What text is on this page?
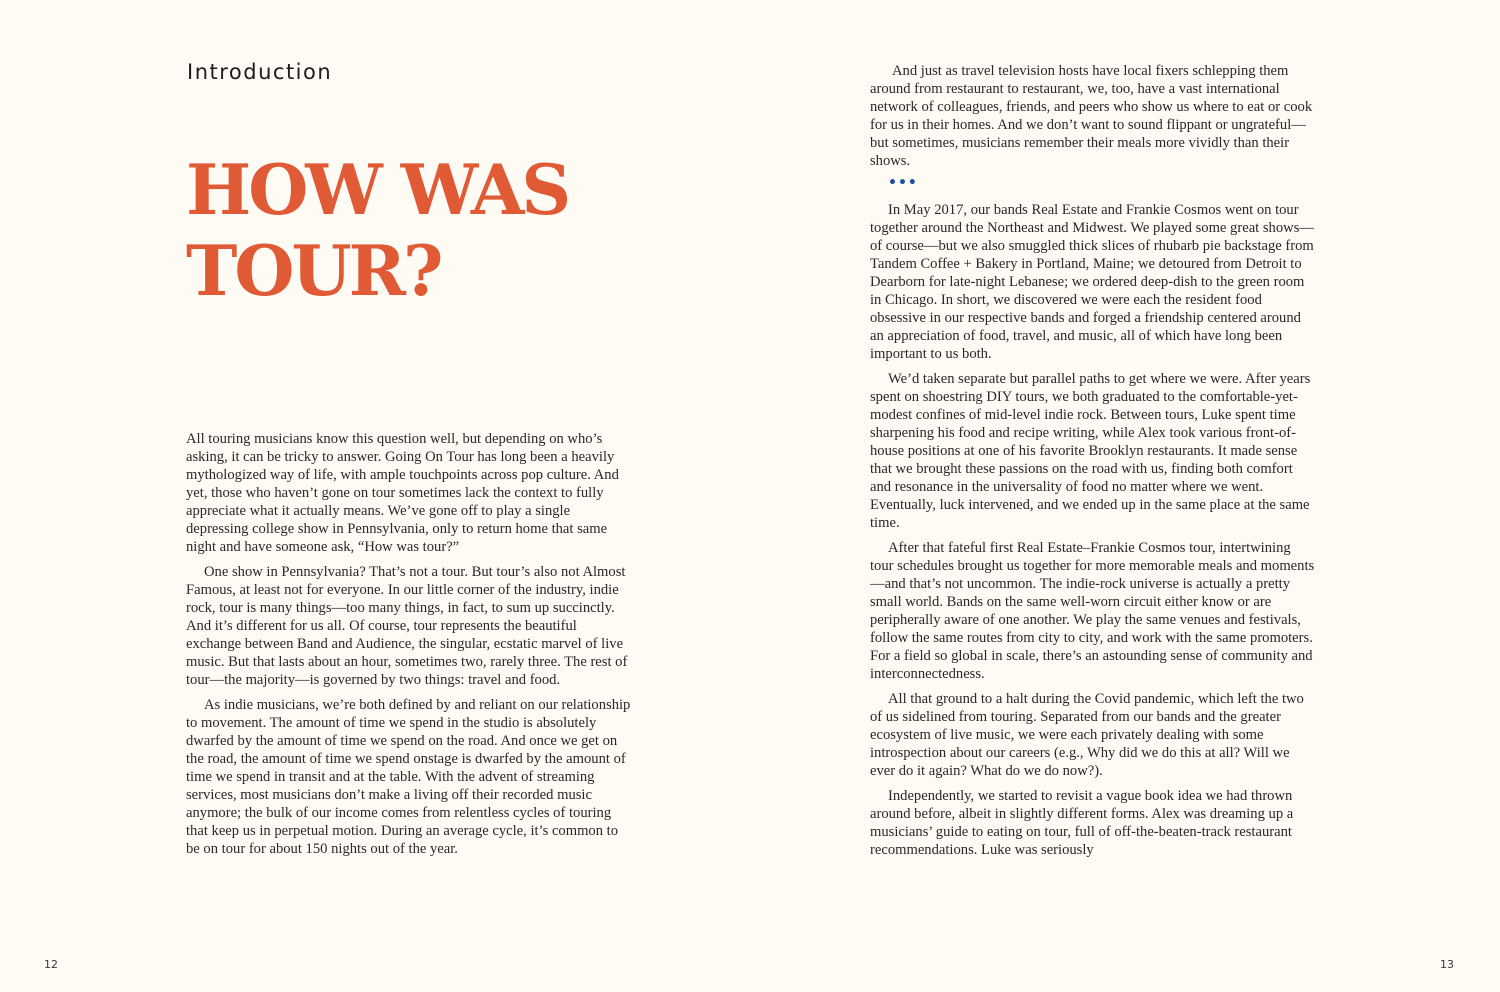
Introduction
HOW WAS
TOUR?

All touring musicians know this question well, but depending on who’s asking, it can be tricky to answer. Going On Tour has long been a heavily mythologized way of life, with ample touchpoints across pop culture. And yet, those who haven’t gone on tour sometimes lack the context to fully appreciate what it actually means. We’ve gone off to play a single depressing college show in Pennsylvania, only to return home that same night and have someone ask, “How was tour?”

One show in Pennsylvania? That’s not a tour. But tour’s also not Almost Famous, at least not for everyone. In our little corner of the industry, indie rock, tour is many things—too many things, in fact, to sum up succinctly. And it’s different for us all. Of course, tour represents the beautiful exchange between Band and Audience, the singular, ecstatic marvel of live music. But that lasts about an hour, sometimes two, rarely three. The rest of tour—the majority—is governed by two things: travel and food.

As indie musicians, we’re both defined by and reliant on our relationship to movement. The amount of time we spend in the studio is absolutely dwarfed by the amount of time we spend on the road. And once we get on the road, the amount of time we spend onstage is dwarfed by the amount of time we spend in transit and at the table. With the advent of streaming services, most musicians don’t make a living off their recorded music anymore; the bulk of our income comes from relentless cycles of touring that keep us in perpetual motion. During an average cycle, it’s common to be on tour for about 150 nights out of the year.

12

And just as travel television hosts have local fixers schlepping them around from restaurant to restaurant, we, too, have a vast international network of colleagues, friends, and peers who show us where to eat or cook for us in their homes. And we don’t want to sound flippant or ungrateful—but sometimes, musicians remember their meals more vividly than their shows.

•••

In May 2017, our bands Real Estate and Frankie Cosmos went on tour together around the Northeast and Midwest. We played some great shows—of course—but we also smuggled thick slices of rhubarb pie backstage from Tandem Coffee + Bakery in Portland, Maine; we detoured from Detroit to Dearborn for late-night Lebanese; we ordered deep-dish to the green room in Chicago. In short, we discovered we were each the resident food obsessive in our respective bands and forged a friendship centered around an appreciation of food, travel, and music, all of which have long been important to us both.

We’d taken separate but parallel paths to get where we were. After years spent on shoestring DIY tours, we both graduated to the comfortable-yet-modest confines of mid-level indie rock. Between tours, Luke spent time sharpening his food and recipe writing, while Alex took various front-of-house positions at one of his favorite Brooklyn restaurants. It made sense that we brought these passions on the road with us, finding both comfort and resonance in the universality of food no matter where we went. Eventually, luck intervened, and we ended up in the same place at the same time.

After that fateful first Real Estate–Frankie Cosmos tour, intertwining tour schedules brought us together for more memorable meals and moments—and that’s not uncommon. The indie-rock universe is actually a pretty small world. Bands on the same well-worn circuit either know or are peripherally aware of one another. We play the same venues and festivals, follow the same routes from city to city, and work with the same promoters. For a field so global in scale, there’s an astounding sense of community and interconnectedness.

All that ground to a halt during the Covid pandemic, which left the two of us sidelined from touring. Separated from our bands and the greater ecosystem of live music, we were each privately dealing with some introspection about our careers (e.g., Why did we do this at all? Will we ever do it again? What do we do now?).

Independently, we started to revisit a vague book idea we had thrown around before, albeit in slightly different forms. Alex was dreaming up a musicians’ guide to eating on tour, full of off-the-beaten-track restaurant recommendations. Luke was seriously

13
